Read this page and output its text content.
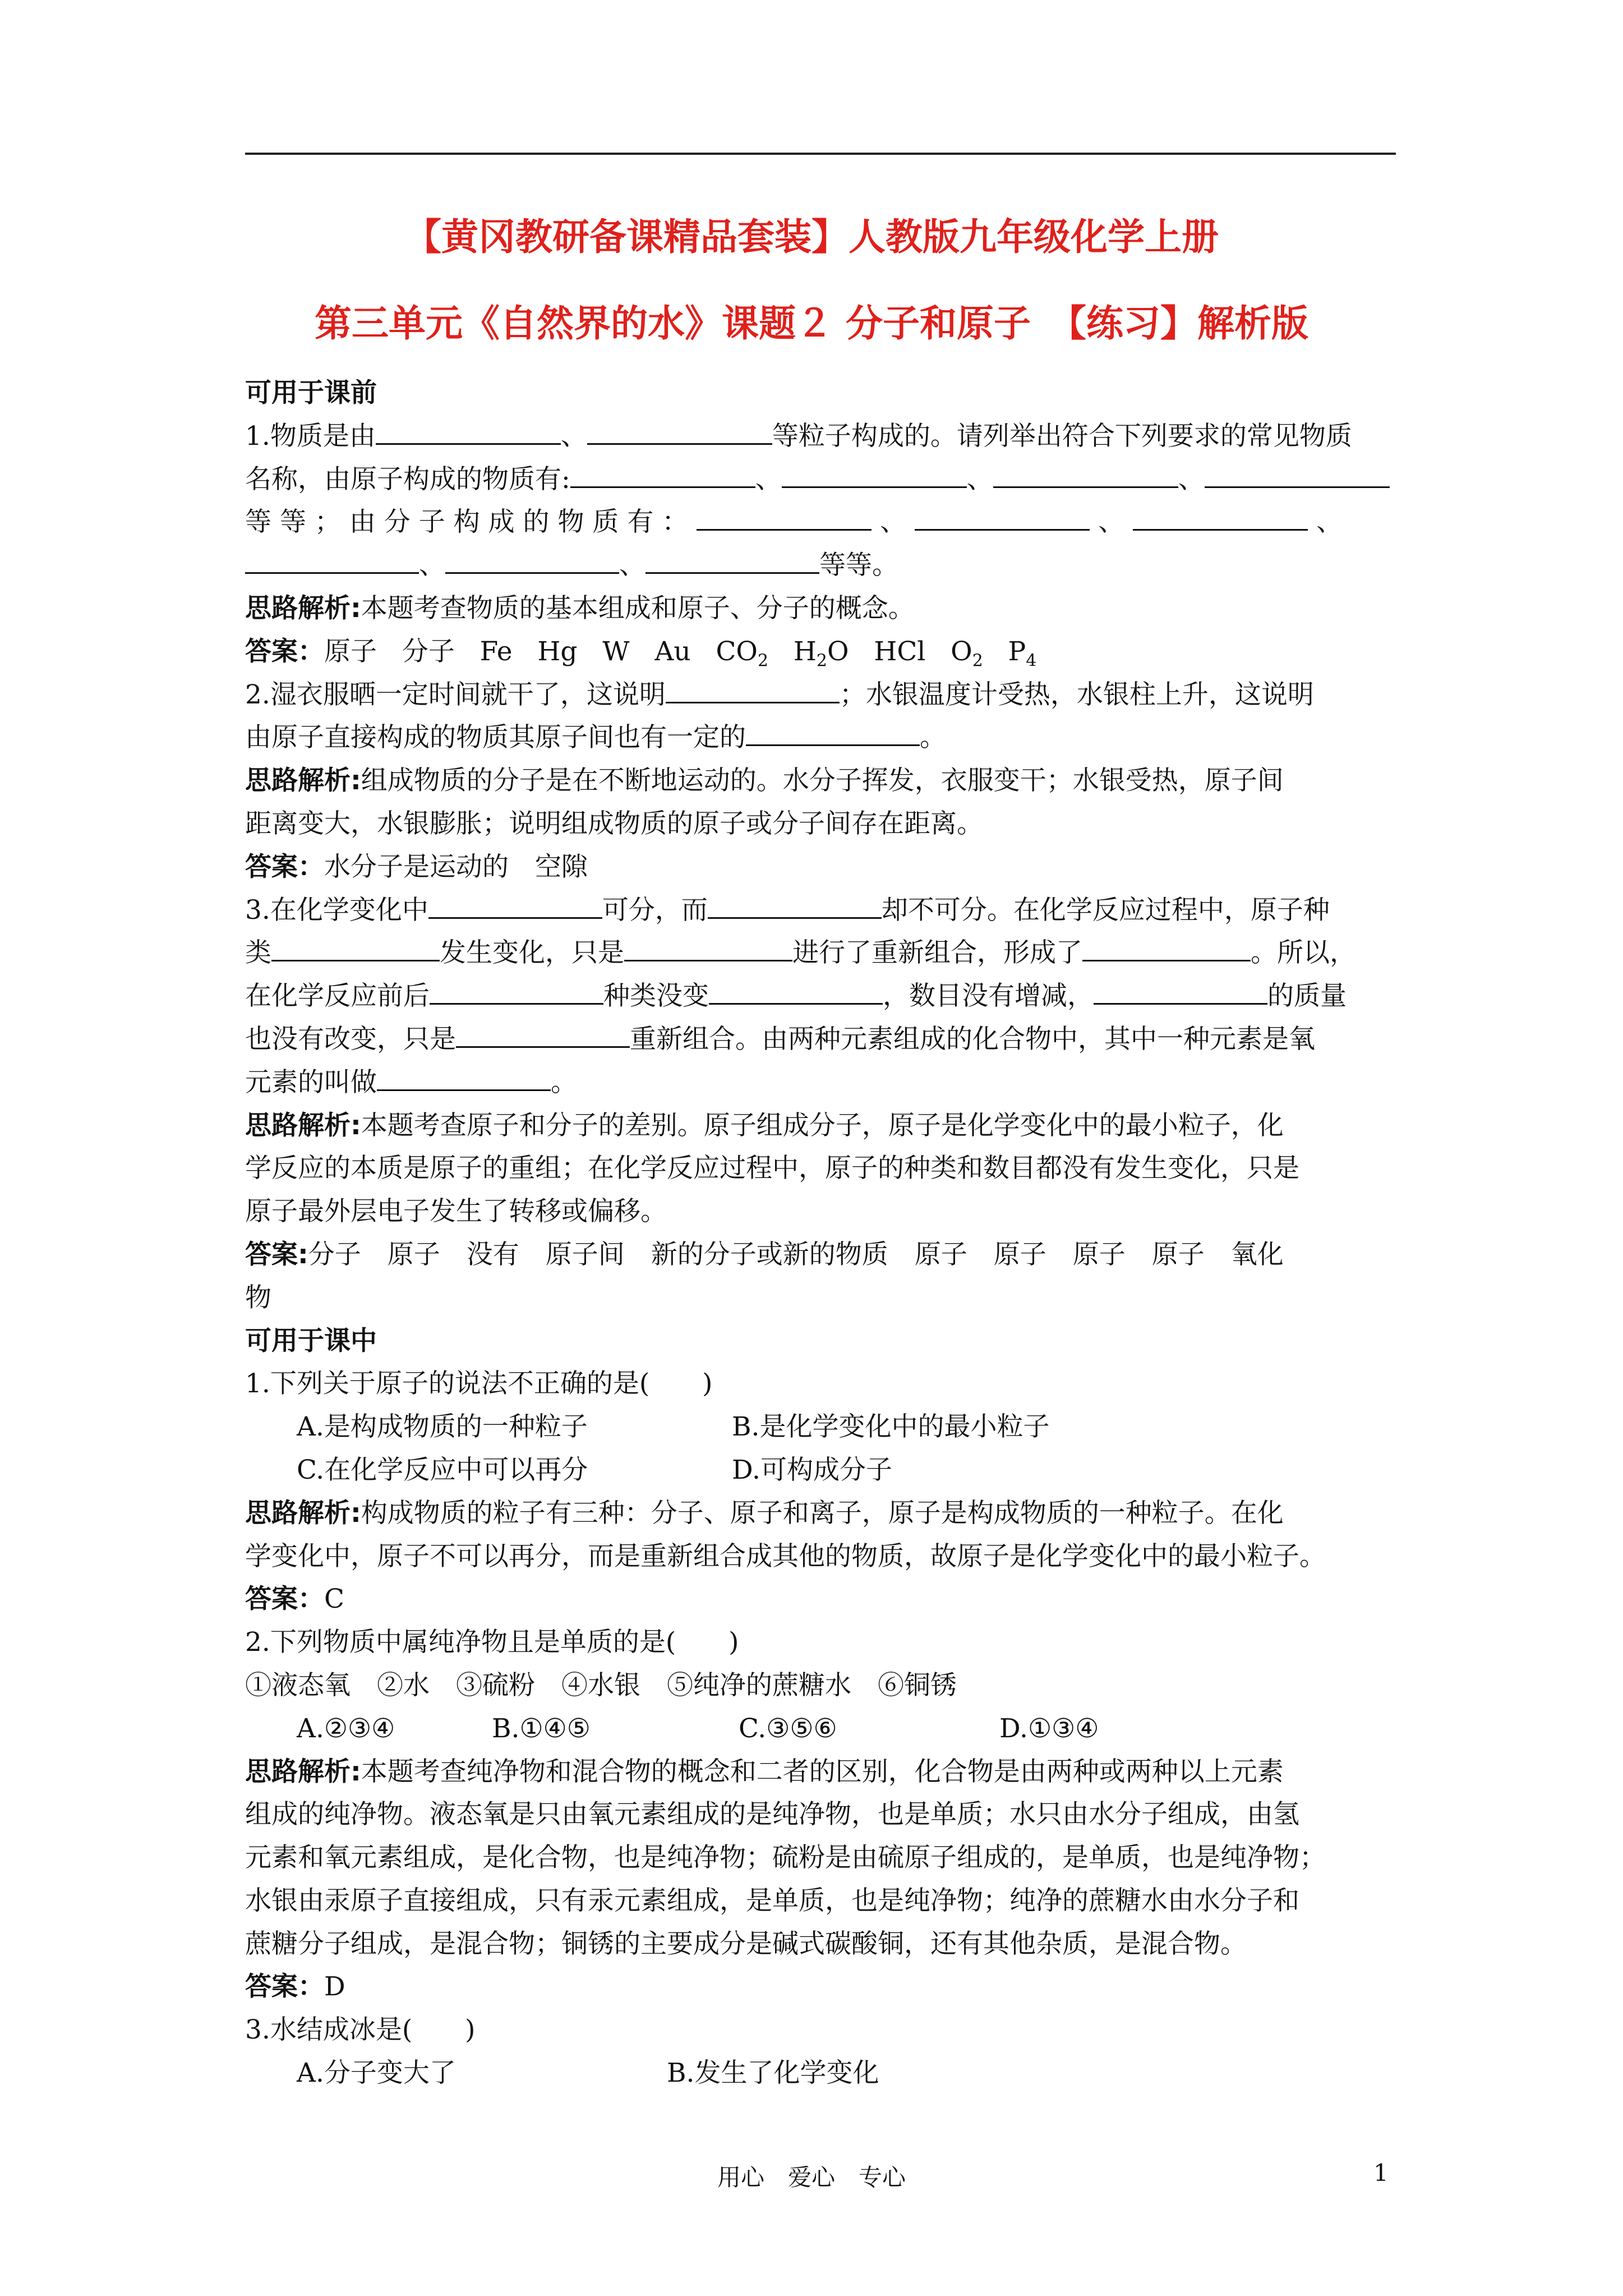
【黄冈教研备课精品套装】人教版九年级化学上册
第三单元《自然界的水》课题２ 分子和原子　【练习】解析版
可用于课前
1.物质是由	、	等粒子构成的。请列举出符合下列要求的常见物质
名称，由原子构成的物质有:	、	、	、
等 等 ； 由 分 子 构 成 的 物 质 有 ：	、	、	、
、	、	等等。
思路解析:本题考查物质的基本组成和原子、分子的概念。
答案：原子 分子 Fe Hg W Au $CO_2$ $H_2O$ HCl $O_2$ $P_4$
2.湿衣服晒一定时间就干了，这说明	；水银温度计受热，水银柱上升，这说明
由原子直接构成的物质其原子间也有一定的	。
思路解析:组成物质的分子是在不断地运动的。水分子挥发，衣服变干；水银受热，原子间
距离变大，水银膨胀；说明组成物质的原子或分子间存在距离。
答案：水分子是运动的　空隙
3.在化学变化中	可分，而	却不可分。在化学反应过程中，原子种
类	发生变化，只是	进行了重新组合，形成了	。所以，
在化学反应前后	种类没变	，数目没有增减，	的质量
也没有改变，只是	重新组合。由两种元素组成的化合物中，其中一种元素是氧
元素的叫做	。
思路解析:本题考查原子和分子的差别。原子组成分子，原子是化学变化中的最小粒子，化
学反应的本质是原子的重组；在化学反应过程中，原子的种类和数目都没有发生变化，只是
原子最外层电子发生了转移或偏移。
答案:分子　原子　没有　原子间　新的分子或新的物质　原子　原子　原子　原子　氧化
物
可用于课中
1.下列关于原子的说法不正确的是(　　)
A.是构成物质的一种粒子	B.是化学变化中的最小粒子
C.在化学反应中可以再分	D.可构成分子
思路解析:构成物质的粒子有三种：分子、原子和离子，原子是构成物质的一种粒子。在化
学变化中，原子不可以再分，而是重新组合成其他的物质，故原子是化学变化中的最小粒子。
答案：C
2.下列物质中属纯净物且是单质的是(　　)
①液态氧　②水　③硫粉　④水银　⑤纯净的蔗糖水　⑥铜锈
A.②③④	B.①④⑤	C.③⑤⑥	D.①③④
思路解析:本题考查纯净物和混合物的概念和二者的区别，化合物是由两种或两种以上元素
组成的纯净物。液态氧是只由氧元素组成的是纯净物，也是单质；水只由水分子组成，由氢
元素和氧元素组成，是化合物，也是纯净物；硫粉是由硫原子组成的，是单质，也是纯净物；
水银由汞原子直接组成，只有汞元素组成，是单质，也是纯净物；纯净的蔗糖水由水分子和
蔗糖分子组成，是混合物；铜锈的主要成分是碱式碳酸铜，还有其他杂质，是混合物。
答案：D
3.水结成冰是(　　)
A.分子变大了	B.发生了化学变化
用心　爱心　专心	1
